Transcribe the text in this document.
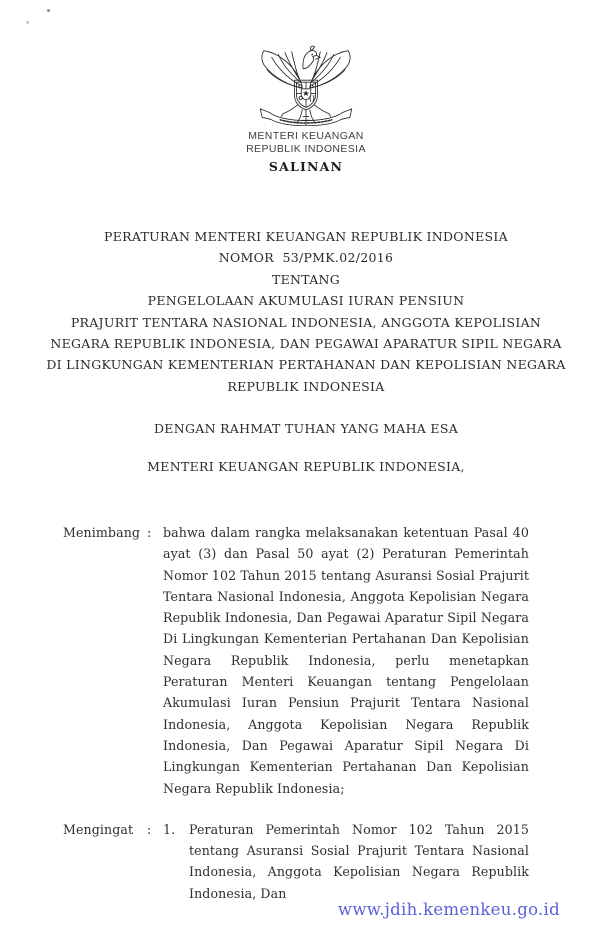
MENTERI KEUANGAN
REPUBLIK INDONESIA
SALINAN
PERATURAN MENTERI KEUANGAN REPUBLIK INDONESIA
NOMOR  53/PMK.02/2016
TENTANG
PENGELOLAAN AKUMULASI IURAN PENSIUN
PRAJURIT TENTARA NASIONAL INDONESIA, ANGGOTA KEPOLISIAN
NEGARA REPUBLIK INDONESIA, DAN PEGAWAI APARATUR SIPIL NEGARA
DI LINGKUNGAN KEMENTERIAN PERTAHANAN DAN KEPOLISIAN NEGARA
REPUBLIK INDONESIA
DENGAN RAHMAT TUHAN YANG MAHA ESA
MENTERI KEUANGAN REPUBLIK INDONESIA,
Menimbang : bahwa dalam rangka melaksanakan ketentuan Pasal 40 ayat (3) dan Pasal 50 ayat (2) Peraturan Pemerintah Nomor 102 Tahun 2015 tentang Asuransi Sosial Prajurit Tentara Nasional Indonesia, Anggota Kepolisian Negara Republik Indonesia, Dan Pegawai Aparatur Sipil Negara Di Lingkungan Kementerian Pertahanan Dan Kepolisian Negara Republik Indonesia, perlu menetapkan Peraturan Menteri Keuangan tentang Pengelolaan Akumulasi Iuran Pensiun Prajurit Tentara Nasional Indonesia, Anggota Kepolisian Negara Republik Indonesia, Dan Pegawai Aparatur Sipil Negara Di Lingkungan Kementerian Pertahanan Dan Kepolisian Negara Republik Indonesia;
Mengingat	: 1.	Peraturan Pemerintah Nomor 102 Tahun 2015 tentang Asuransi Sosial Prajurit Tentara Nasional Indonesia, Anggota Kepolisian Negara Republik Indonesia, Dan
www.jdih.kemenkeu.go.id
